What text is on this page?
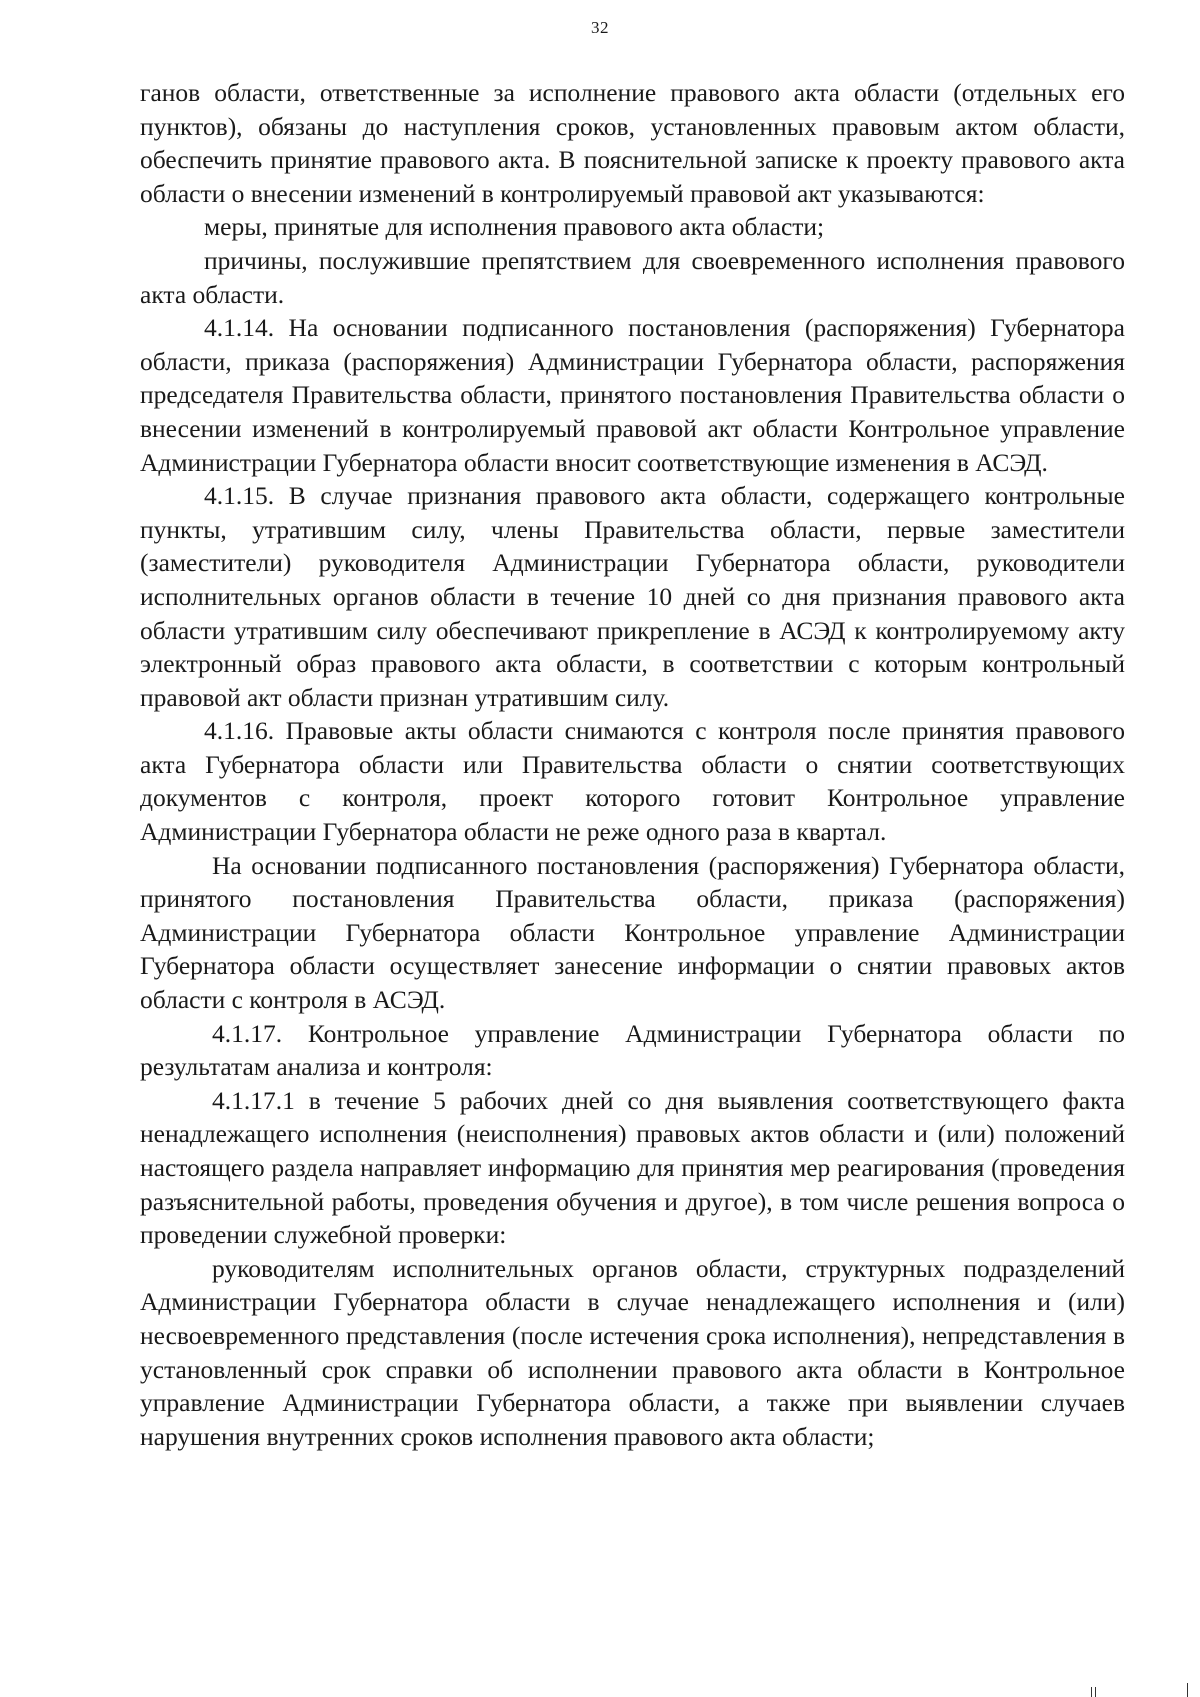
32

ганов области, ответственные за исполнение правового акта области (отдельных его пунктов), обязаны до наступления сроков, установленных правовым актом области, обеспечить принятие правового акта. В пояснительной записке к проекту правового акта области о внесении изменений в контролируемый правовой акт указываются:

меры, принятые для исполнения правового акта области;

причины, послужившие препятствием для своевременного исполнения правового акта области.

4.1.14. На основании подписанного постановления (распоряжения) Губернатора области, приказа (распоряжения) Администрации Губернатора области, распоряжения председателя Правительства области, принятого постановления Правительства области о внесении изменений в контролируемый правовой акт области Контрольное управление Администрации Губернатора области вносит соответствующие изменения в АСЭД.

4.1.15. В случае признания правового акта области, содержащего контрольные пункты, утратившим силу, члены Правительства области, первые заместители (заместители) руководителя Администрации Губернатора области, руководители исполнительных органов области в течение 10 дней со дня признания правового акта области утратившим силу обеспечивают прикрепление в АСЭД к контролируемому акту электронный образ правового акта области, в соответствии с которым контрольный правовой акт области признан утратившим силу.

4.1.16. Правовые акты области снимаются с контроля после принятия правового акта Губернатора области или Правительства области о снятии соответствующих документов с контроля, проект которого готовит Контрольное управление Администрации Губернатора области не реже одного раза в квартал.

На основании подписанного постановления (распоряжения) Губернатора области, принятого постановления Правительства области, приказа (распоряжения) Администрации Губернатора области Контрольное управление Администрации Губернатора области осуществляет занесение информации о снятии правовых актов области с контроля в АСЭД.

4.1.17. Контрольное управление Администрации Губернатора области по результатам анализа и контроля:

4.1.17.1 в течение 5 рабочих дней со дня выявления соответствующего факта ненадлежащего исполнения (неисполнения) правовых актов области и (или) положений настоящего раздела направляет информацию для принятия мер реагирования (проведения разъяснительной работы, проведения обучения и другое), в том числе решения вопроса о проведении служебной проверки:

руководителям исполнительных органов области, структурных подразделений Администрации Губернатора области в случае ненадлежащего исполнения и (или) несвоевременного представления (после истечения срока исполнения), непредставления в установленный срок справки об исполнении правового акта области в Контрольное управление Администрации Губернатора области, а также при выявлении случаев нарушения внутренних сроков исполнения правового акта области;
